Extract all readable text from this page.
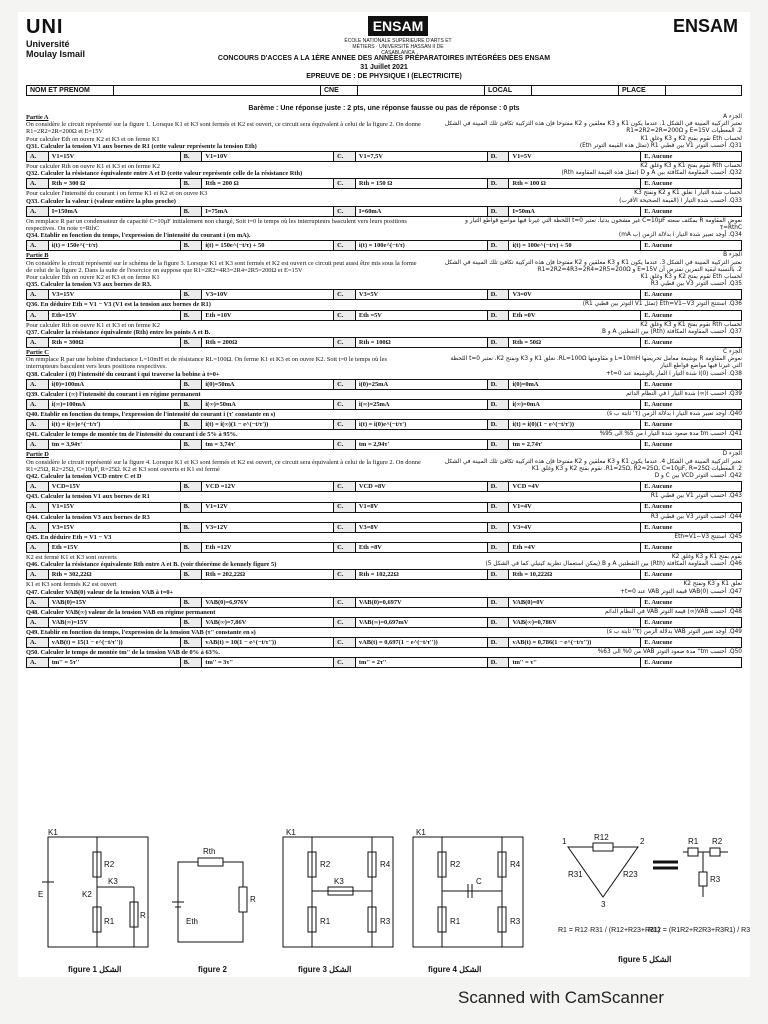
UNI
Université Moulay Ismail
ENSAM
ÉCOLE NATIONALE SUPÉRIEURE D'ARTS ET MÉTIERS · UNIVERSITÉ HASSAN II DE CASABLANCA
ENSAM
CONCOURS D'ACCES A LA 1ÈRE ANNEE DES ANNÉES PRÉPARATOIRES INTÉGRÉES DES ENSAM
31 Juillet 2021
EPREUVE DE : DE PHYSIQUE I (ELECTRICITE)
NOM ET PRENOM		CNE		LOCAL		PLACE	
Barème : Une réponse juste : 2 pts, une réponse fausse ou pas de réponse : 0 pts
Partie A	الجزء A
On considère le circuit représenté sur la figure 1. Lorsque K1 et K3 sont fermés et K2 est ouvert, ce circuit sera équivalent à celui de la figure 2. On donne R1=2R2=2R=200Ω et E=15V
نعتبر التركيبة المبينة في الشكل 1. عندما يكون K1 و K3 مغلقين و K2 مفتوحا فإن هذه التركيبة تكافئ تلك المبينة في الشكل 2. المعطيات E=15V و R1=2R2=2R=200Ω
Pour calculer Eth on ouvre K2 et K3 et on ferme K1	لحساب Eth نقوم بفتح K2 و K3 وغلق K1
Q31. Calculer la tension V1 aux bornes de R1 (cette valeur représente la tension Eth)	Q31. أحسب التوتر V1 بين قطبي R1 (تمثل هذه القيمة التوتر Eth)
A.	V1=15V	B.	V1=10V	C.	V1=7,5V	D.	V1=5V	E. Aucune
Pour calculer Rth on ouvre K1 et K3 et on ferme K2	لحساب Rth نقوم بفتح K1 و K3 وغلق K2
Q32. Calculer la résistance équivalente entre A et D (cette valeur représente celle de la résistance Rth)	Q32. أحسب المقاومة المكافئة بين A و D (تمثل هذه القيمة المقاومة Rth)
A.	Rth = 300 Ω	B.	Rth = 200 Ω	C.	Rth = 150 Ω	D.	Rth = 100 Ω	E. Aucune
Pour calculer l'intensité du courant i on ferme K1 et K2 et on ouvre K3	لحساب شدة التيار i نغلق K1 و K2 ونفتح K3
Q33. Calculer la valeur i (valeur entière la plus proche)	Q33. أحسب شدة التيار i (القيمة الصحيحة الأقرب)
A.	I=150mA	B.	I=75mA	C.	I=60mA	D.	I=50mA	E. Aucune
On remplace R par un condensateur de capacité C=10μF initialement non chargé, Soit t=0 le temps où les interrupteurs basculent vers leurs positions respectives. On note τ=RthC
نعوض المقاومة R بمكثف سعته C=10μF غير مشحون بدئيا. نعتبر t=0 اللحظة التي غيرنا فيها مواضع قواطع التيار و τ=RthC
Q34. Etablir en fonction du temps, l'expression de l'intensité du courant i (en mA).	Q34. أوجد تعبير شدة التيار i بدلالة الزمن (ب mA)
A.	i(t) = 150e^(−t/τ)	B.	i(t) = 150e^(−t/τ) + 50	C.	i(t) = 100e^(−t/τ)	D.	i(t) = 100e^(−t/τ) + 50	E. Aucune
Partie B	الجزء B
On considère le circuit représenté sur le schéma de la figure 3. Lorsque K1 et K3 sont fermés et K2 est ouvert ce circuit peut aussi être mis sous la forme de celui de la figure 2. Dans la suite de l'exercice on suppose que R1=2R2=4R3=2R4=2R5=200Ω et E=15V
نعتبر التركيبة المبينة في الشكل 3. عندما يكون K1 و K3 مغلقين و K2 مفتوحا فإن هذه التركيبة تكافئ تلك المبينة في الشكل 2. بالنسبة لبقية التمرين نفترض أن E=15V و R1=2R2=4R3=2R4=2R5=200Ω
Pour calculer Eth on ouvre K2 et K3 et on ferme K1	لحساب Eth نقوم بفتح K2 و K3 وغلق K1
Q35. Calculer la tension V3 aux bornes de R3.	Q35. أحسب التوتر V3 بين قطبي R3
A.	V3=15V	B.	V3=10V	C.	V3=5V	D.	V3=0V	E. Aucune
Q36. En déduire Eth = V1 − V3 (V1 est la tension aux bornes de R1)	Q36. استنتج التوتر Eth=V1−V3 (تمثل V1 التوتر بين قطبي R1)
A.	Eth=15V	B.	Eth =10V	C.	Eth =5V	D.	Eth =0V	E. Aucune
Pour calculer Rth on ouvre K1 et K3 et on ferme K2	لحساب Rth نقوم بفتح K1 و K3 وغلق K2
Q37. Calculer la résistance équivalente (Rth) entre les points A et B.	Q37. أحسب المقاومة المكافئة (Rth) بين النقطتين A و B
A.	Rth = 300Ω	B.	Rth = 200Ω	C.	Rth = 100Ω	D.	Rth = 50Ω	E. Aucune
Partie C	الجزء C
On remplace R par une bobine d'inductance L=10mH et de résistance RL=100Ω. On ferme K1 et K3 et on ouvre K2. Soit t=0 le temps où les interrupteurs basculent vers leurs positions respectives.
نعوض المقاومة R بوشيعة معامل تحريضها L=10mH و مقاومتها RL=100Ω. نغلق K1 و K3 ونفتح K2. نعتبر t=0 اللحظة التي غيرنا فيها مواضع قواطع التيار
Q38. Calculer i (0) l'intensité du courant i qui traverse la bobine à t=0+	Q38. أحسب i(0) شدة التيار i المار بالوشيعة عند t=0+
A.	i(0)=100mA	B.	i(0)=50mA	C.	i(0)=25mA	D.	i(0)=0mA	E. Aucune
Q39. Calculer i (∞) l'intensité du courant i en régime permanent	Q39. أحسب i(∞) شدة التيار i في النظام الدائم
A.	i(∞)=100mA	B.	i(∞)=50mA	C.	i(∞)=25mA	D.	i(∞)=0mA	E. Aucune
Q40. Etablir en fonction du temps, l'expression de l'intensité du courant i (τ' constante en s)	Q40. أوجد تعبير شدة التيار i بدلالة الزمن (τ' ثابتة ب s)
A.	i(t) = i(∞)e^(−t/τ')	B.	i(t) = i(∞)(1 − e^(−t/τ'))	C.	i(t) = i(0)e^(−t/τ')	D.	i(t) = i(0)(1 − e^(−t/τ'))	E. Aucune
Q41. Calculer le temps de montée tm de l'intensité du courant i de 5% à 95%.	Q41. أحسب tm مدة صعود شدة التيار i من 5% الى 95%
A.	tm = 3,94τ'	B.	tm = 3,74τ'	C.	tm = 2,94τ'	D.	tm = 2,74τ'	E. Aucune
Partie D	الجزء D
On considère le circuit représenté sur la figure 4. Lorsque K1 et K3 sont fermés et K2 est ouvert, ce circuit sera équivalent à celui de la figure 2. On donne R1=25Ω, R2=25Ω, C=10μF, R=25Ω. K2 et K3 sont ouverts et K1 est fermé
نعتبر التركيبة المبينة في الشكل 4. عندما يكون K1 و K3 مغلقين و K2 مفتوحا فإن هذه التركيبة تكافئ تلك المبينة في الشكل 2. المعطيات R1=25Ω, R2=25Ω, C=10μF, R=25Ω. نقوم بفتح K2 و K3 وغلق K1
Q42. Calculer la tension VCD entre C et D	Q42. أحسب التوتر VCD بين C و D
A.	VCD=15V	B.	VCD =12V	C.	VCD =8V	D.	VCD =4V	E. Aucune
Q43. Calculer la tension V1 aux bornes de R1	Q43. أحسب التوتر V1 بين قطبي R1
A.	V1=15V	B.	V1=12V	C.	V1=8V	D.	V1=4V	E. Aucune
Q44. Calculer la tension V3 aux bornes de R3	Q44. أحسب التوتر V3 بين قطبي R3
A.	V3=15V	B.	V3=12V	C.	V3=8V	D.	V3=4V	E. Aucune
Q45. En déduire Eth = V1 − V3	Q45. استنتج Eth=V1−V3
A.	Eth =15V	B.	Eth =12V	C.	Eth =8V	D.	Eth =4V	E. Aucune
K2 est fermé K1 et K3 sont ouverts	نقوم بفتح K1 و K3 وغلق K2
Q46. Calculer la résistance équivalente Rth entre A et B. (voir théorème de kennely figure 5)	Q46. أحسب المقاومة المكافئة (Rth) بين النقطتين A و B (يمكن استعمال نظرية كينيلي كما في الشكل 5)
A.	Rth = 302,22Ω	B.	Rth = 202,22Ω	C.	Rth = 102,22Ω	D.	Rth = 10,222Ω	E. Aucune
K1 et K3 sont fermés K2 est ouvert	نغلق K1 و K3 ونفتح K2
Q47. Calculer VAB(0) valeur de la tension VAB à t=0+	Q47. أحسب VAB(0) قيمة التوتر VAB عند t=0+
A.	VAB(0)=15V	B.	VAB(0)=6,976V	C.	VAB(0)=0,697V	D.	VAB(0)=0V	E. Aucune
Q48. Calculer VAB(∞) valeur de la tension VAB en régime permanent	Q48. أحسب VAB(∞) قيمة التوتر VAB في النظام الدائم
A.	VAB(∞)=15V	B.	VAB(∞)=7,86V	C.	VAB(∞)=0,697mV	D.	VAB(∞)=0,786V	E. Aucune
Q49. Etablir en fonction du temps, l'expression de la tension VAB (τ'' constante en s)	Q49. أوجد تعبير التوتر VAB بدلالة الزمن (τ'' ثابتة ب s)
A.	vAB(t) = 15(1 − e^(−t/τ''))	B.	vAB(t) = 10(1 − e^(−t/τ''))	C.	vAB(t) = 0,697(1 − e^(−t/τ''))	D.	vAB(t) = 0,786(1 − e^(−t/τ''))	E. Aucune
Q50. Calculer le temps de montée tm'' de la tension VAB de 0% à 63%.	Q50. أحسب tm'' مدة صعود التوتر VAB من 0% الى 63%
A.	tm'' = 5τ''	B.	tm'' = 3τ''	C.	tm'' = 2τ''	D.	tm'' = τ''	E. Aucune
K1
R2
K2
K3
R1
R
E
Rth
Eth
R
K1
R2
R1
K3
R4
R3
K1
R2
R1
C
R4
R3
R12
R31	R23
1	2
3
R1 R2
R3
R1 = R12·R31 / (R12+R23+R31)
R12 = (R1R2+R2R3+R3R1) / R3
figure 1 الشكل	figure 2	figure 3 الشكل	figure 4 الشكل
figure 5 الشكل
Scanned with CamScanner
